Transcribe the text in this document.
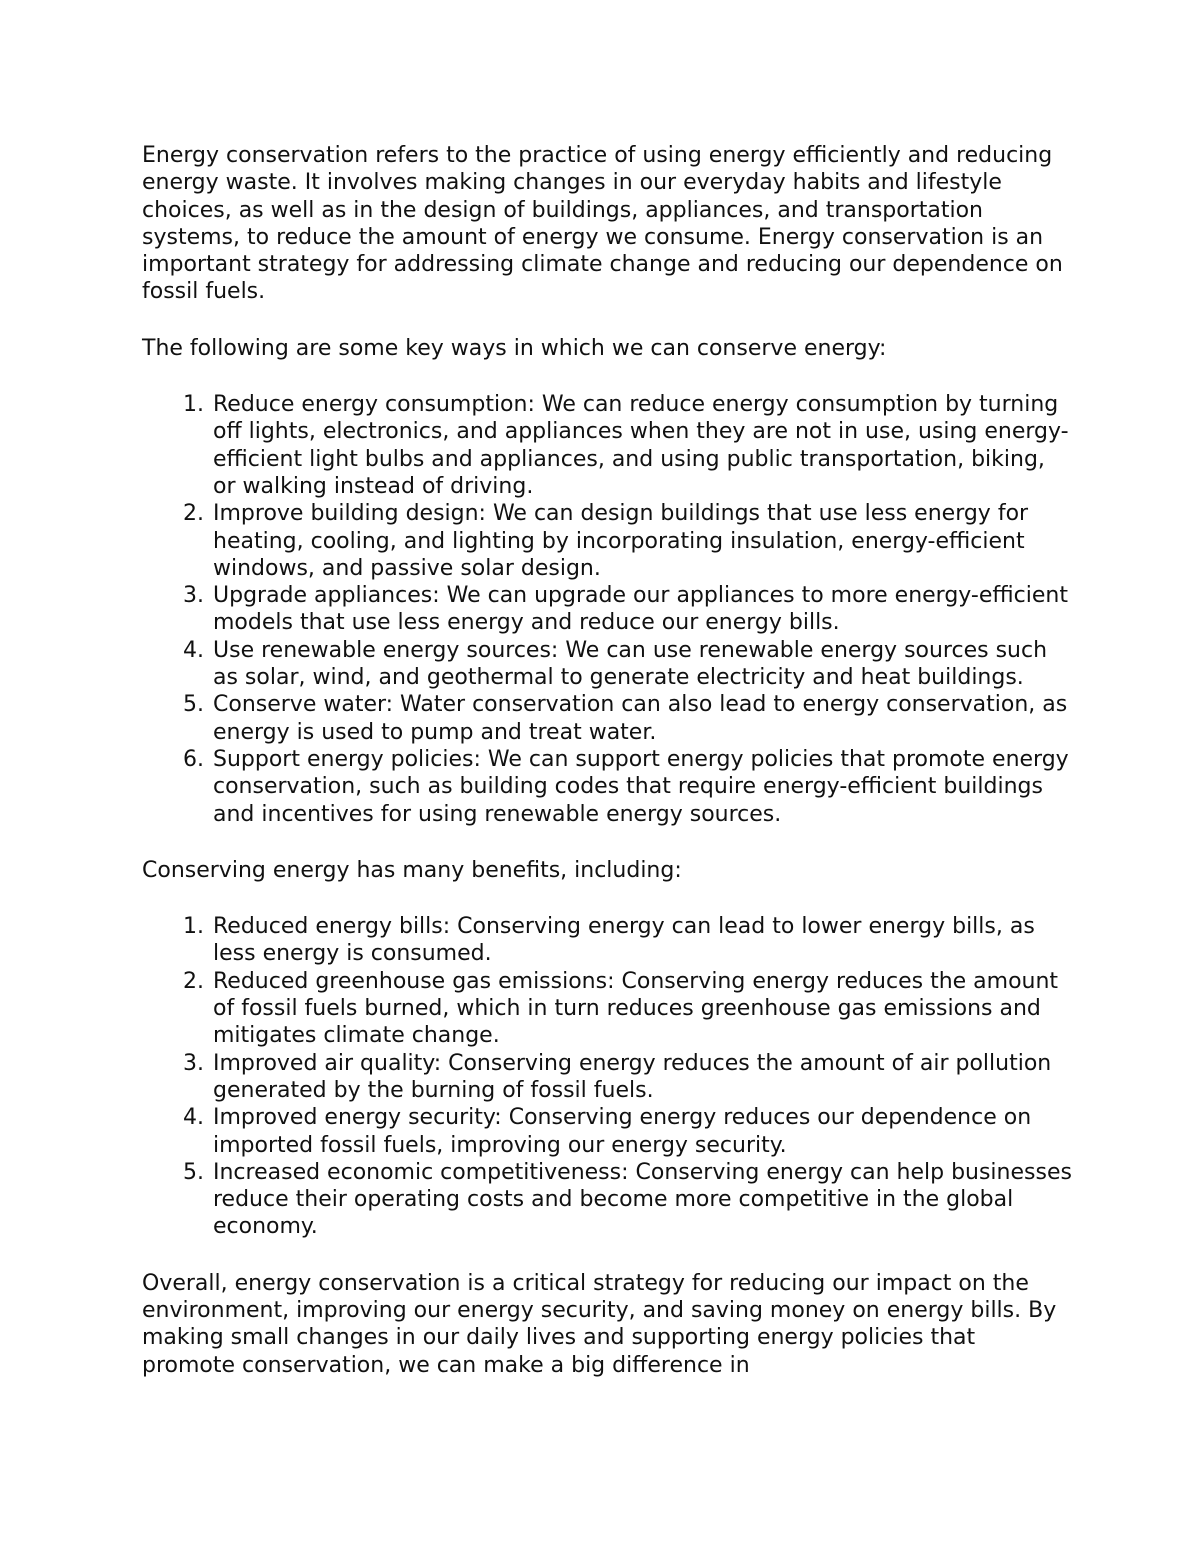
Energy conservation refers to the practice of using energy efficiently and reducing energy waste. It involves making changes in our everyday habits and lifestyle choices, as well as in the design of buildings, appliances, and transportation systems, to reduce the amount of energy we consume. Energy conservation is an important strategy for addressing climate change and reducing our dependence on fossil fuels.

The following are some key ways in which we can conserve energy:

1. Reduce energy consumption: We can reduce energy consumption by turning off lights, electronics, and appliances when they are not in use, using energy-efficient light bulbs and appliances, and using public transportation, biking, or walking instead of driving.
2. Improve building design: We can design buildings that use less energy for heating, cooling, and lighting by incorporating insulation, energy-efficient windows, and passive solar design.
3. Upgrade appliances: We can upgrade our appliances to more energy-efficient models that use less energy and reduce our energy bills.
4. Use renewable energy sources: We can use renewable energy sources such as solar, wind, and geothermal to generate electricity and heat buildings.
5. Conserve water: Water conservation can also lead to energy conservation, as energy is used to pump and treat water.
6. Support energy policies: We can support energy policies that promote energy conservation, such as building codes that require energy-efficient buildings and incentives for using renewable energy sources.

Conserving energy has many benefits, including:

1. Reduced energy bills: Conserving energy can lead to lower energy bills, as less energy is consumed.
2. Reduced greenhouse gas emissions: Conserving energy reduces the amount of fossil fuels burned, which in turn reduces greenhouse gas emissions and mitigates climate change.
3. Improved air quality: Conserving energy reduces the amount of air pollution generated by the burning of fossil fuels.
4. Improved energy security: Conserving energy reduces our dependence on imported fossil fuels, improving our energy security.
5. Increased economic competitiveness: Conserving energy can help businesses reduce their operating costs and become more competitive in the global economy.

Overall, energy conservation is a critical strategy for reducing our impact on the environment, improving our energy security, and saving money on energy bills. By making small changes in our daily lives and supporting energy policies that promote conservation, we can make a big difference in
